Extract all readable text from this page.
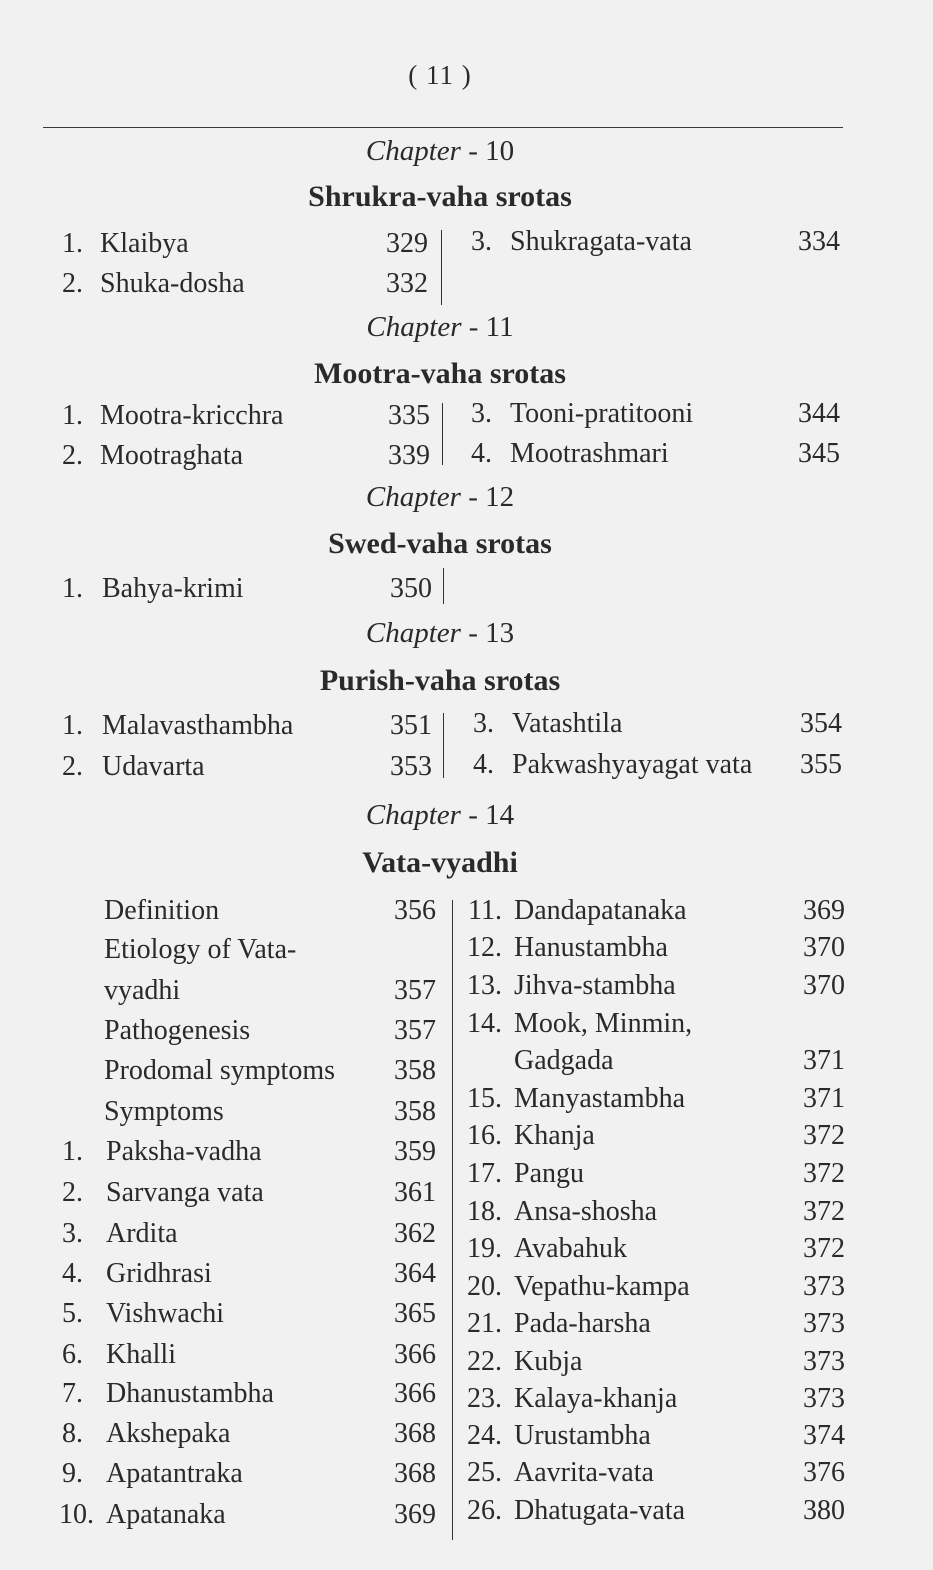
( 11 )
Chapter - 10
Shrukra-vaha srotas
1. Klaibya	329
2. Shuka-dosha	332
3. Shukragata-vata	334
Chapter - 11
Mootra-vaha srotas
1. Mootra-kricchra	335
2. Mootraghata	339
3. Tooni-pratitooni	344
4. Mootrashmari	345
Chapter - 12
Swed-vaha srotas
1. Bahya-krimi	350
Chapter - 13
Purish-vaha srotas
1. Malavasthambha	351
2. Udavarta	353
3. Vatashtila	354
4. Pakwashyayagat vata	355
Chapter - 14
Vata-vyadhi
Definition	356
Etiology of Vata-
vyadhi	357
Pathogenesis	357
Prodomal symptoms	358
Symptoms	358
1. Paksha-vadha	359
2. Sarvanga vata	361
3. Ardita	362
4. Gridhrasi	364
5. Vishwachi	365
6. Khalli	366
7. Dhanustambha	366
8. Akshepaka	368
9. Apatantraka	368
10. Apatanaka	369
11. Dandapatanaka	369
12. Hanustambha	370
13. Jihva-stambha	370
14. Mook, Minmin,
Gadgada	371
15. Manyastambha	371
16. Khanja	372
17. Pangu	372
18. Ansa-shosha	372
19. Avabahuk	372
20. Vepathu-kampa	373
21. Pada-harsha	373
22. Kubja	373
23. Kalaya-khanja	373
24. Urustambha	374
25. Aavrita-vata	376
26. Dhatugata-vata	380
